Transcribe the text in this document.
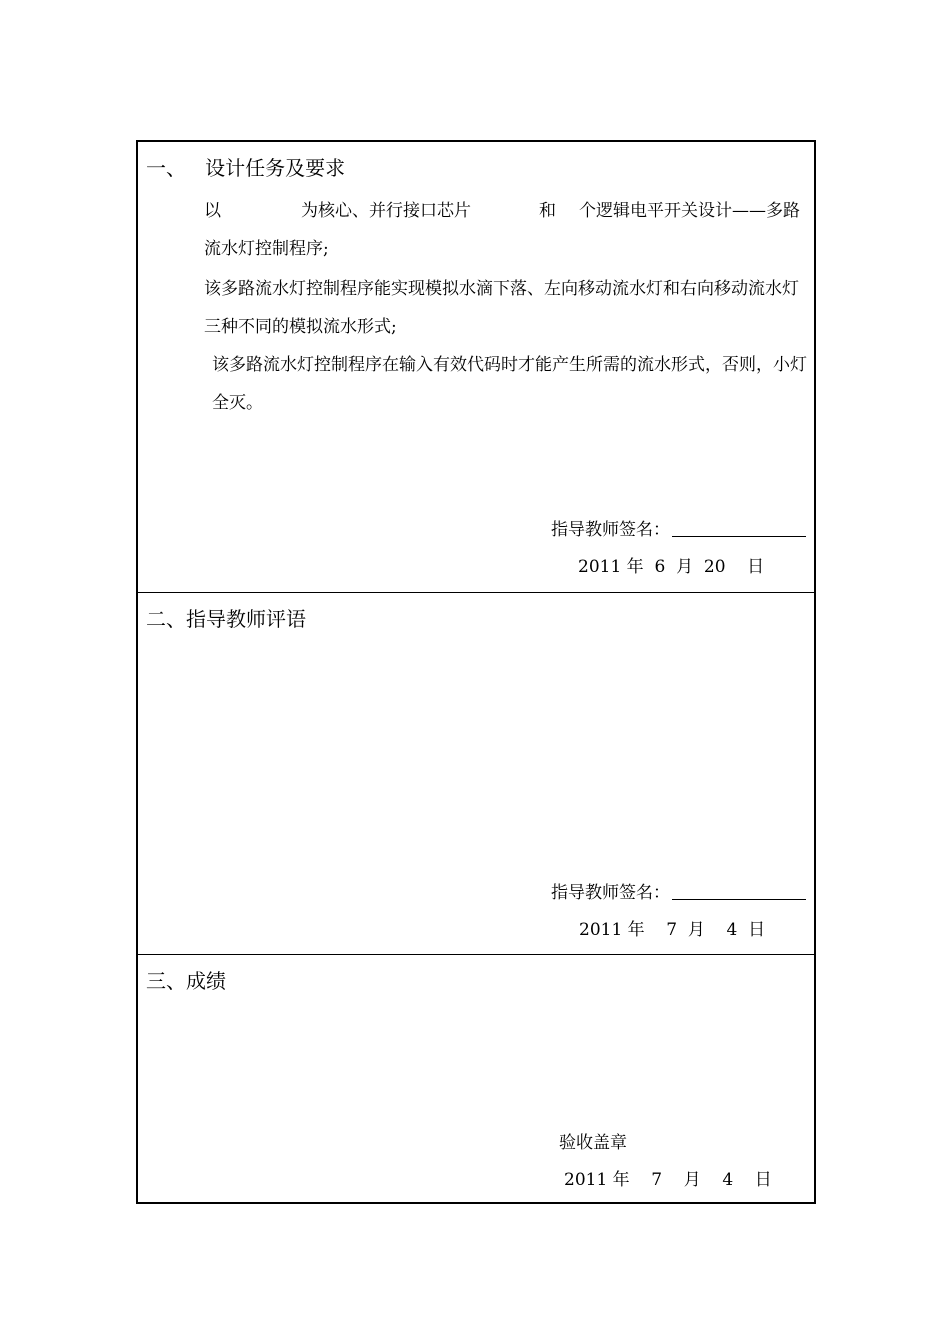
一、   设计任务及要求
以	为核心、并行接口芯片	和 个逻辑电平开关设计——多路流水灯控制程序;
该多路流水灯控制程序能实现模拟水滴下落、左向移动流水灯和右向移动流水灯三种不同的模拟流水形式;
该多路流水灯控制程序在输入有效代码时才能产生所需的流水形式，否则，小灯全灭。
指导教师签名：
2011 年  6  月  20    日
二、指导教师评语
指导教师签名：
2011 年    7  月    4  日
三、成绩
验收盖章
2011 年    7    月    4    日
